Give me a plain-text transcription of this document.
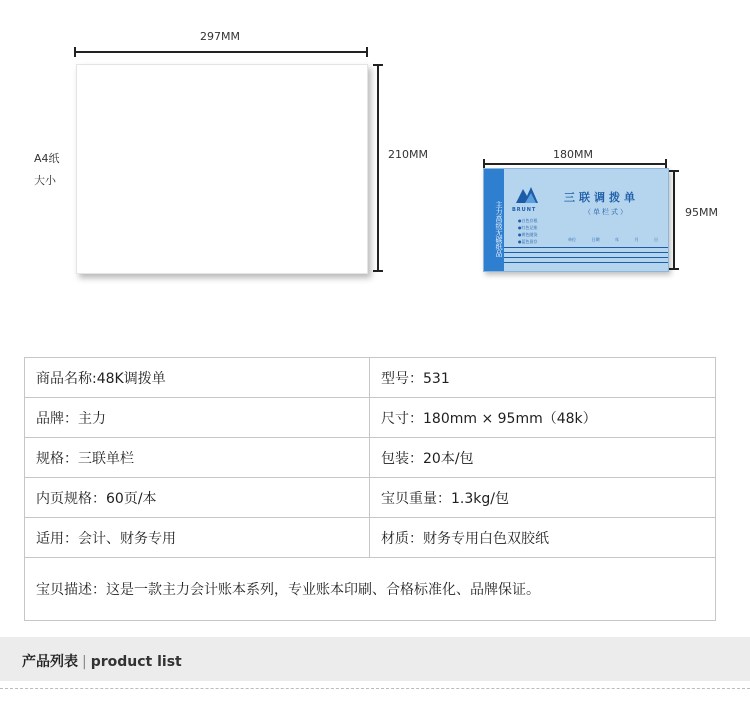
297MM
210MM
A4纸
大小
180MM
95MM
主力高级无碳纸品 BRUNT
三联调拨单
（单栏式）
●白色存根
●红色记账
●黄色随货
●蓝色留存	单位	日期	年	月	日
商品名称:48K调拨单	型号：531
品牌：主力	尺寸：180mm × 95mm（48k）
规格：三联单栏	包装：20本/包
内页规格：60页/本	宝贝重量：1.3kg/包
适用：会计、财务专用	材质：财务专用白色双胶纸
宝贝描述：这是一款主力会计账本系列，专业账本印刷、合格标准化、品牌保证。	
产品列表 | product list
